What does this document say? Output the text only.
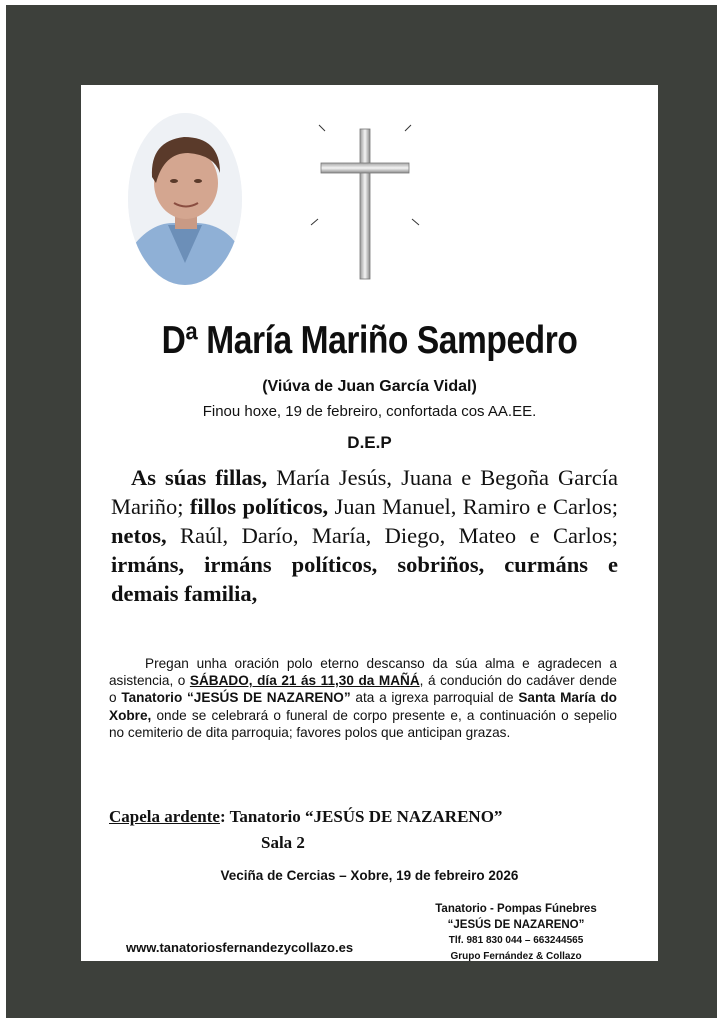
Dª María Mariño Sampedro
(Viúva de Juan García Vidal)
Finou hoxe, 19 de febreiro, confortada cos AA.EE.
D.E.P
As súas fillas, María Jesús, Juana e Begoña García Mariño; fillos políticos, Juan Manuel, Ramiro e Carlos; netos, Raúl, Darío, María, Diego, Mateo e Carlos; irmáns, irmáns políticos, sobriños, curmáns e demais familia,
Pregan unha oración polo eterno descanso da súa alma e agradecen a asistencia, o SÁBADO, día 21 ás 11,30 da MAÑÁ, á condución do cadáver dende o Tanatorio “JESÚS DE NAZARENO” ata a igrexa parroquial de Santa María do Xobre, onde se celebrará o funeral de corpo presente e, a continuación o sepelio no cemiterio de dita parroquia; favores polos que anticipan grazas.
Capela ardente: Tanatorio “JESÚS DE NAZARENO”
Sala 2
Veciña de Cercias – Xobre, 19 de febreiro 2026
www.tanatoriosfernandezycollazo.es
Tanatorio - Pompas Fúnebres
“JESÚS DE NAZARENO”
Tlf. 981 830 044 – 663244565
Grupo Fernández & Collazo
